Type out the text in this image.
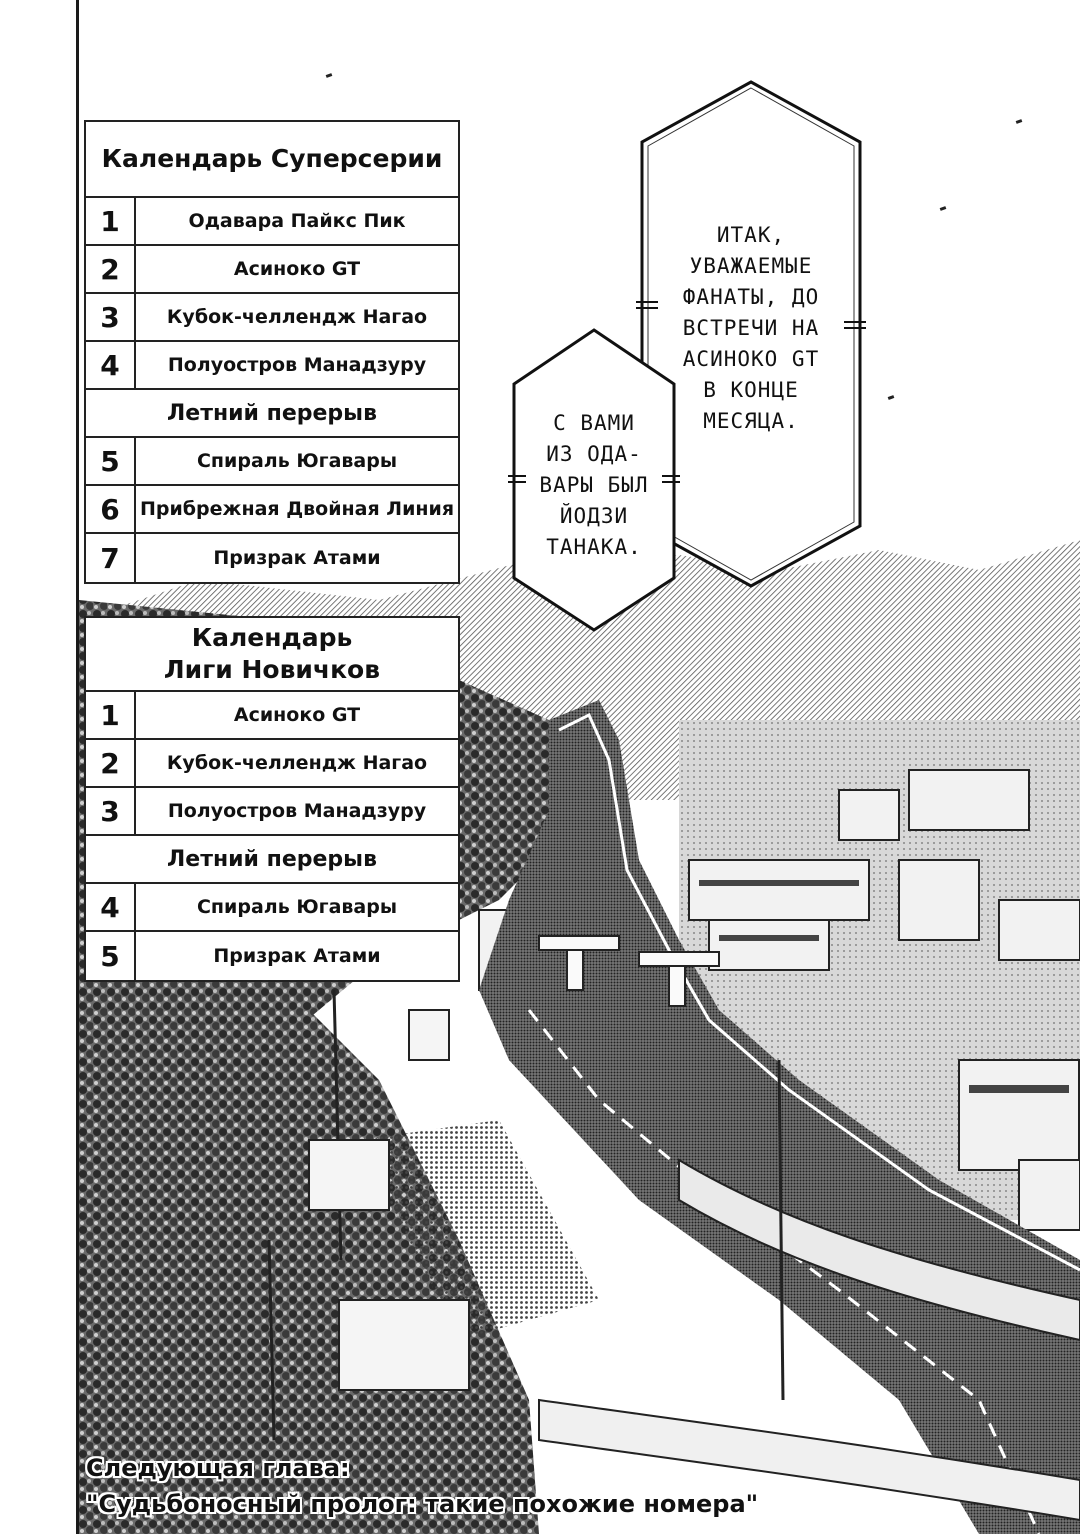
Календарь Суперсерии
1	Одавара Пайкс Пик
2	Асиноко GT
3	Кубок-челлендж Нагао
4	Полуостров Манадзуру
Летний перерыв
5	Спираль Югавары
6	Прибрежная Двойная Линия
7	Призрак Атами
Календарь
Лиги Новичков
1	Асиноко GT
2	Кубок-челлендж Нагао
3	Полуостров Манадзуру
Летний перерыв
4	Спираль Югавары
5	Призрак Атами
ИТАК,
УВАЖАЕМЫЕ
ФАНАТЫ, ДО
ВСТРЕЧИ НА
АСИНОКО GT
В КОНЦЕ
МЕСЯЦА.
С ВАМИ
ИЗ ОДА-
ВАРЫ БЫЛ
ЙОДЗИ
ТАНАКА.
Следующая глава:
"Судьбоносный пролог: такие похожие номера"
